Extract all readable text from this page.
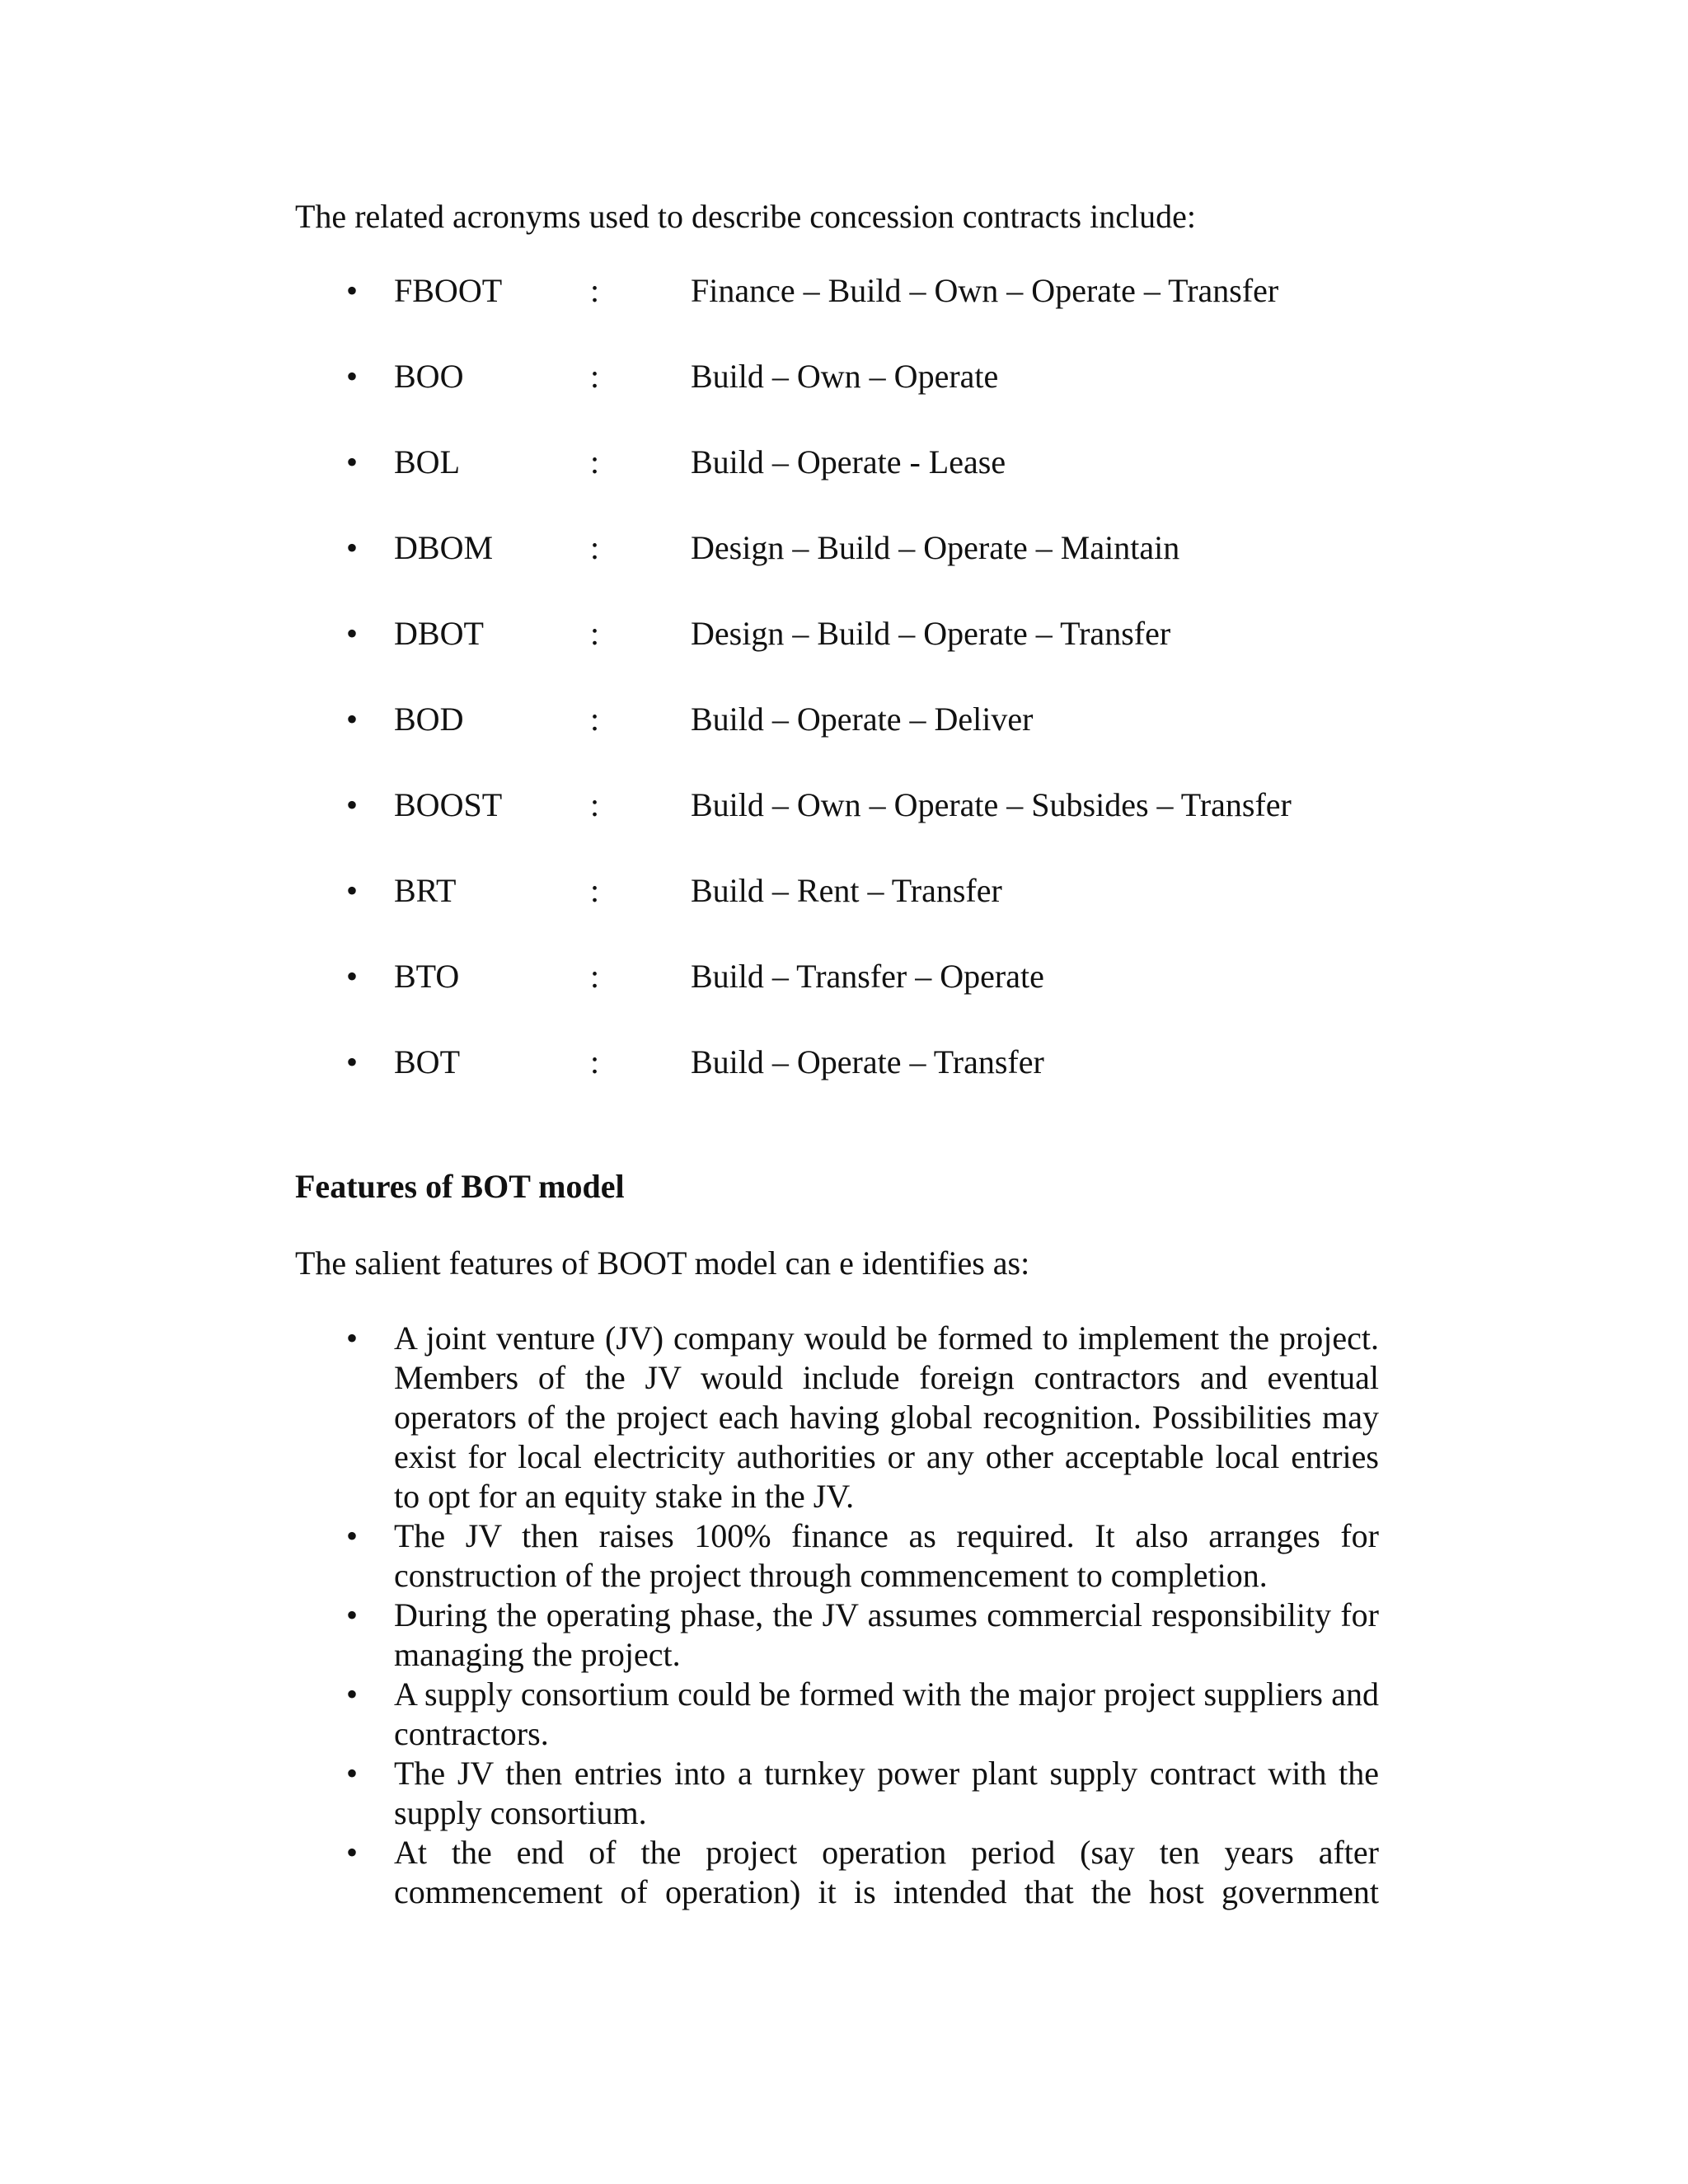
The related acronyms used to describe concession contracts include:
•	FBOOT	:	Finance – Build – Own – Operate – Transfer
•	BOO	:	Build – Own – Operate
•	BOL	:	Build – Operate - Lease
•	DBOM	:	Design – Build – Operate – Maintain
•	DBOT	:	Design – Build – Operate – Transfer
•	BOD	:	Build – Operate – Deliver
•	BOOST	:	Build – Own – Operate – Subsides – Transfer
•	BRT	:	Build – Rent – Transfer
•	BTO	:	Build – Transfer – Operate
•	BOT	:	Build – Operate – Transfer
Features of BOT model
The salient features of BOOT model can e identifies as:
•	A joint venture (JV) company would be formed to implement the project. Members of the JV would include foreign contractors and eventual operators of the project each having global recognition. Possibilities may exist for local electricity authorities or any other acceptable local entries to opt for an equity stake in the JV.
•	The JV then raises 100% finance as required. It also arranges for construction of the project through commencement to completion.
•	During the operating phase, the JV assumes commercial responsibility for managing the project.
•	A supply consortium could be formed with the major project suppliers and contractors.
•	The JV then entries into a turnkey power plant supply contract with the supply consortium.
•	At the end of the project operation period (say ten years after commencement of operation) it is intended that the host government
